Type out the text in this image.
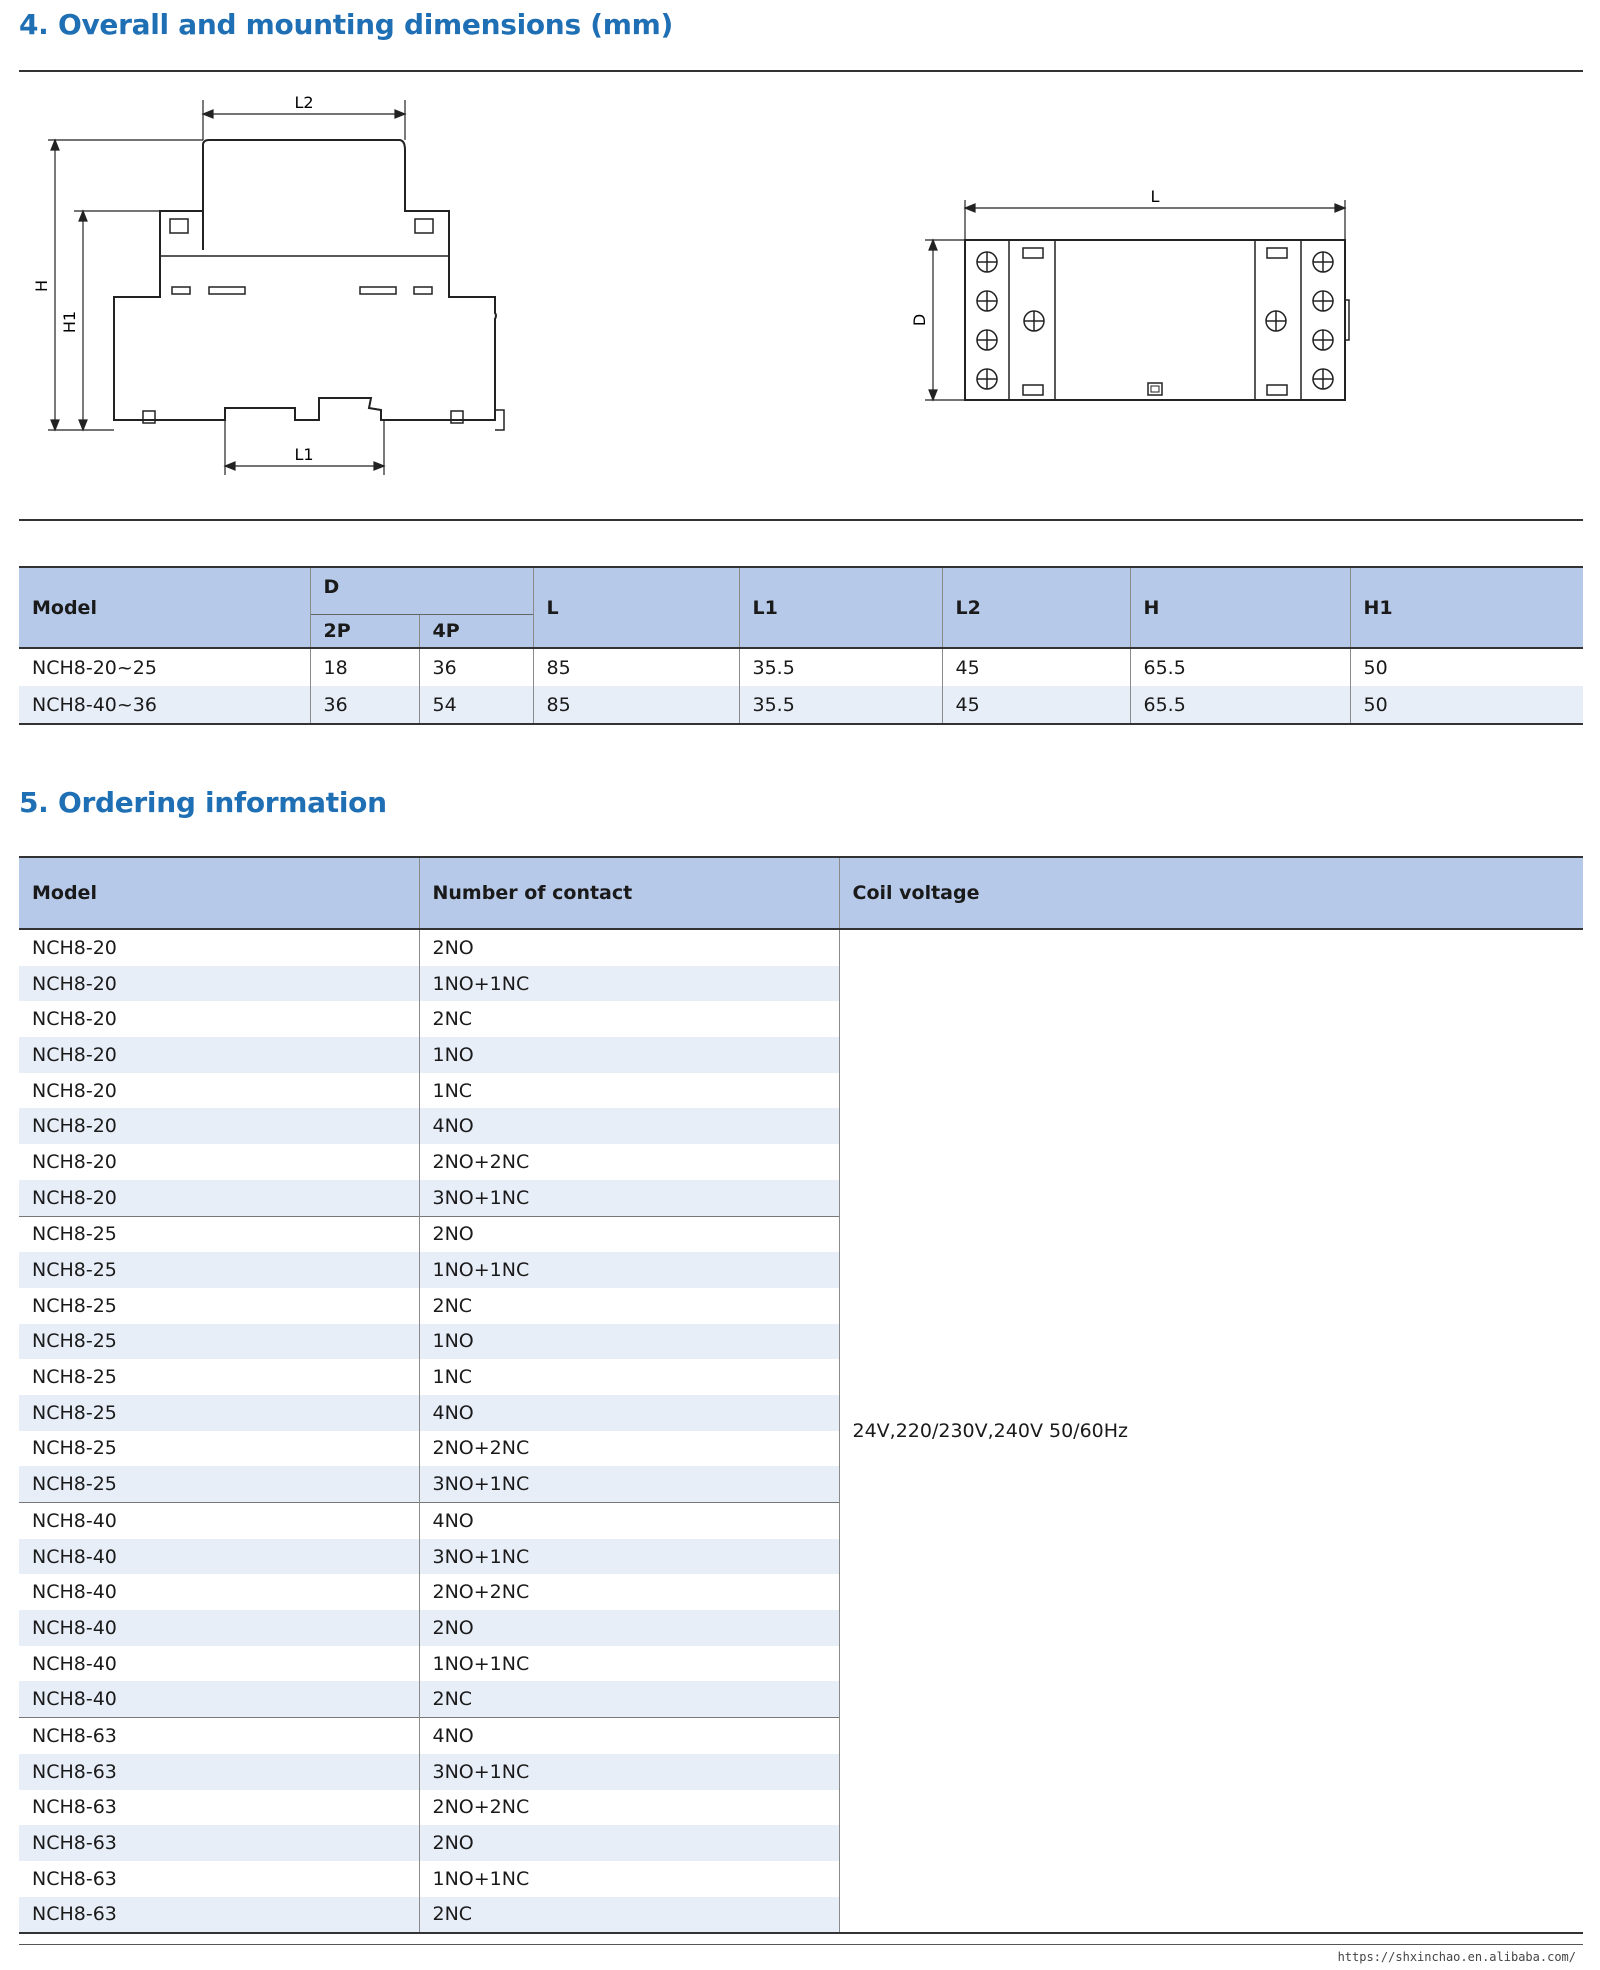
4. Overall and mounting dimensions (mm)
L2
L1
H
H1
L
D
Model	D		L	L1	L2	H	H1
	2P	4P					
NCH8-20~25	18	36	85	35.5	45	65.5	50
NCH8-40~36	36	54	85	35.5	45	65.5	50
5. Ordering information
Model	Number of contact	Coil voltage
NCH8-20	2NO	24V,220/230V,240V 50/60Hz
NCH8-20	1NO+1NC	
NCH8-20	2NC	
NCH8-20	1NO	
NCH8-20	1NC	
NCH8-20	4NO	
NCH8-20	2NO+2NC	
NCH8-20	3NO+1NC	
NCH8-25	2NO	
NCH8-25	1NO+1NC	
NCH8-25	2NC	
NCH8-25	1NO	
NCH8-25	1NC	
NCH8-25	4NO	
NCH8-25	2NO+2NC	
NCH8-25	3NO+1NC	
NCH8-40	4NO	
NCH8-40	3NO+1NC	
NCH8-40	2NO+2NC	
NCH8-40	2NO	
NCH8-40	1NO+1NC	
NCH8-40	2NC	
NCH8-63	4NO	
NCH8-63	3NO+1NC	
NCH8-63	2NO+2NC	
NCH8-63	2NO	
NCH8-63	1NO+1NC	
NCH8-63	2NC	
https://shxinchao.en.alibaba.com/
